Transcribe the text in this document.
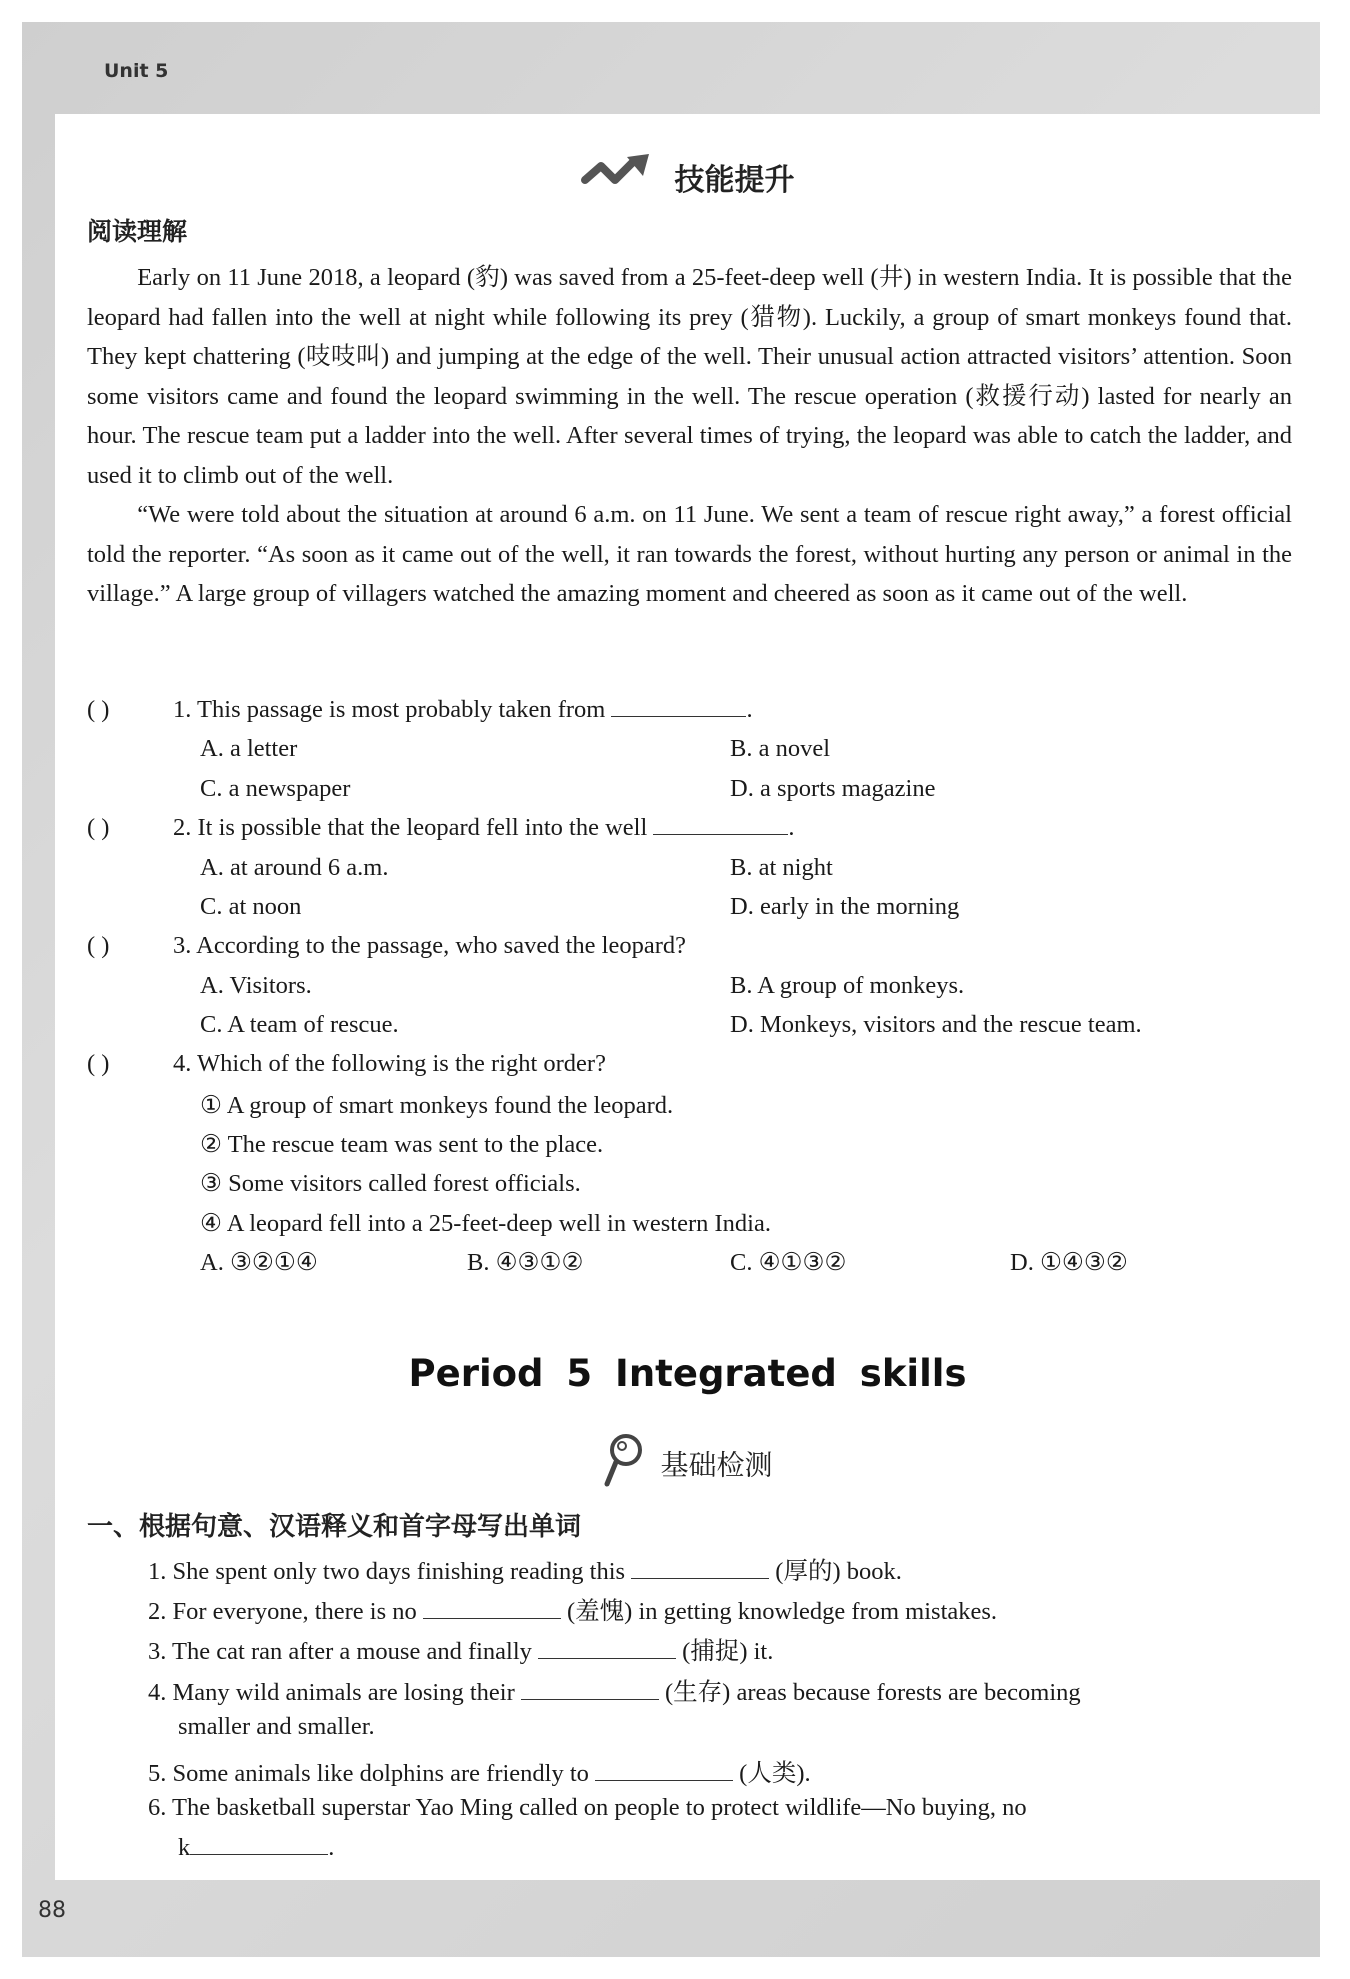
Unit 5
88
技能提升
阅读理解

Early on 11 June 2018, a leopard (豹) was saved from a 25-feet-deep well (井) in western India. It is possible that the leopard had fallen into the well at night while following its prey (猎物). Luckily, a group of smart monkeys found that. They kept chattering (吱吱叫) and jumping at the edge of the well. Their unusual action attracted visitors’ attention. Soon some visitors came and found the leopard swimming in the well. The rescue operation (救援行动) lasted for nearly an hour. The rescue team put a ladder into the well. After several times of trying, the leopard was able to catch the ladder, and used it to climb out of the well.

“We were told about the situation at around 6 a.m. on 11 June. We sent a team of rescue right away,” a forest official told the reporter. “As soon as it came out of the well, it ran towards the forest, without hurting any person or animal in the village.” A large group of villagers watched the amazing moment and cheered as soon as it came out of the well.

( )	1. This passage is most probably taken from	.
A. a letter	B. a novel
C. a newspaper	D. a sports magazine
( )	2. It is possible that the leopard fell into the well	.
A. at around 6 a.m.	B. at night
C. at noon	D. early in the morning
( )	3. According to the passage, who saved the leopard?
A. Visitors.	B. A group of monkeys.
C. A team of rescue.	D. Monkeys, visitors and the rescue team.
( )	4. Which of the following is the right order?
① A group of smart monkeys found the leopard.
② The rescue team was sent to the place.
③ Some visitors called forest officials.
④ A leopard fell into a 25-feet-deep well in western India.
A. ③②①④	B. ④③①②	C. ④①③②	D. ①④③②
Period 5 Integrated skills
基础检测
一、根据句意、汉语释义和首字母写出单词
1. She spent only two days finishing reading this	(厚的) book.
2. For everyone, there is no	(羞愧) in getting knowledge from mistakes.
3. The cat ran after a mouse and finally	(捕捉) it.
4. Many wild animals are losing their	(生存) areas because forests are becoming
smaller and smaller.
5. Some animals like dolphins are friendly to	(人类).
6. The basketball superstar Yao Ming called on people to protect wildlife—No buying, no
k	.
